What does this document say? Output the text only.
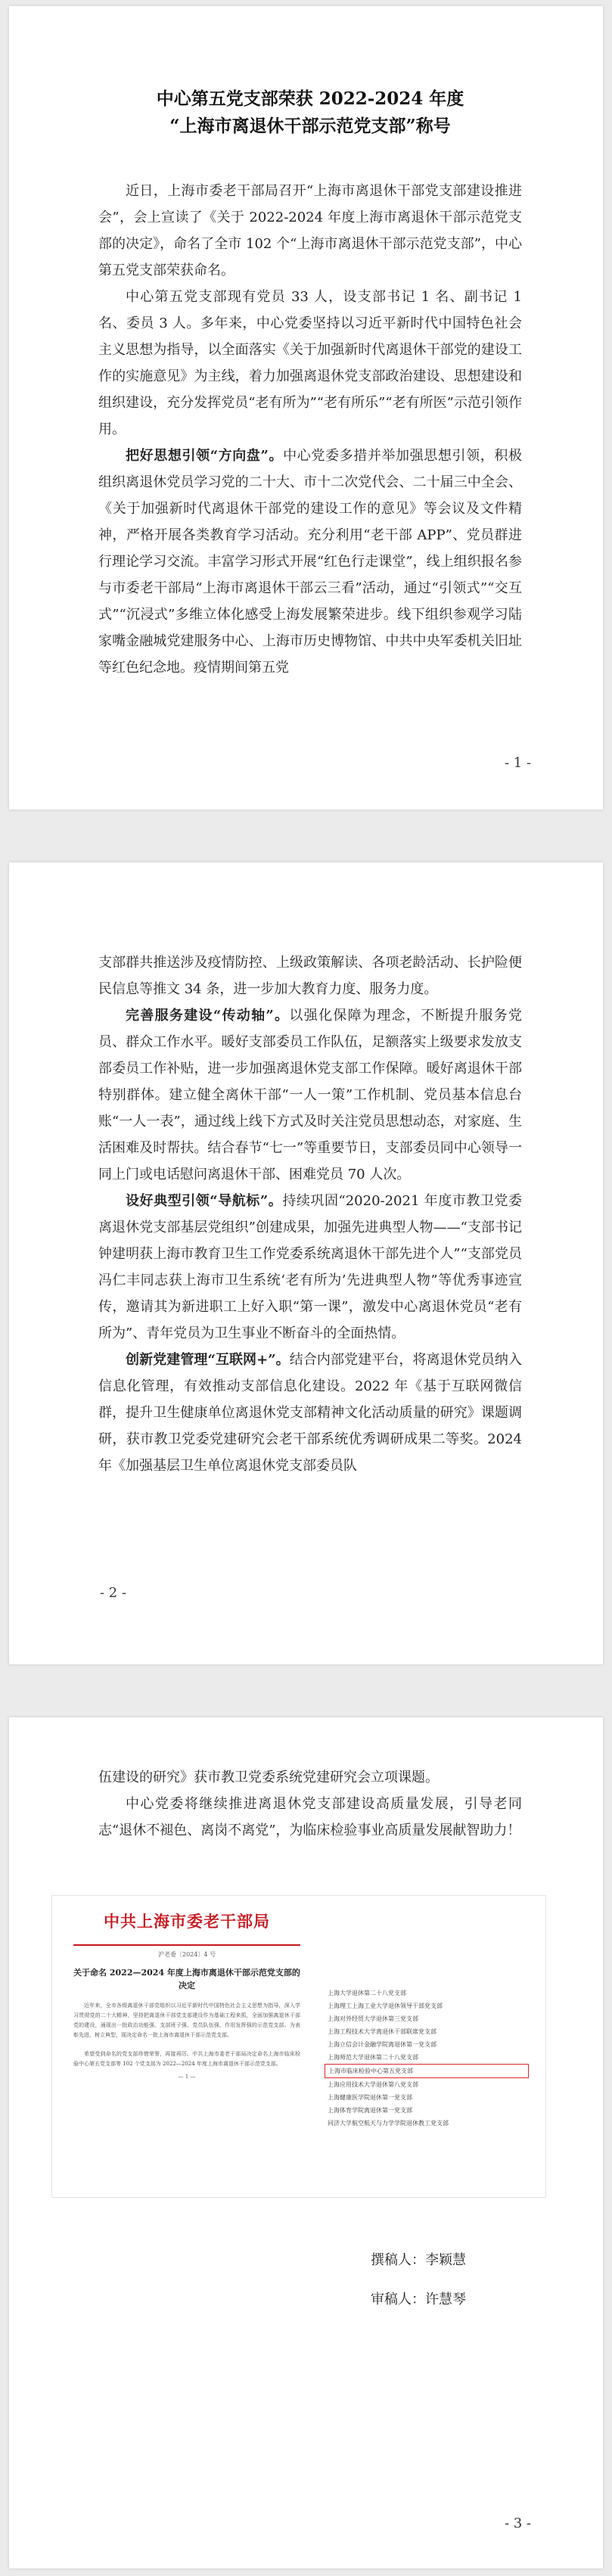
中心第五党支部荣获 2022-2024 年度
“上海市离退休干部示范党支部”称号
近日，上海市委老干部局召开“上海市离退休干部党支部建设推进会”，会上宣读了《关于 2022-2024 年度上海市离退休干部示范党支部的决定》，命名了全市 102 个“上海市离退休干部示范党支部”，中心第五党支部荣获命名。
中心第五党支部现有党员 33 人，设支部书记 1 名、副书记 1 名、委员 3 人。多年来，中心党委坚持以习近平新时代中国特色社会主义思想为指导，以全面落实《关于加强新时代离退休干部党的建设工作的实施意见》为主线，着力加强离退休党支部政治建设、思想建设和组织建设，充分发挥党员“老有所为”“老有所乐”“老有所医”示范引领作用。
把好思想引领“方向盘”。中心党委多措并举加强思想引领，积极组织离退休党员学习党的二十大、市十二次党代会、二十届三中全会、《关于加强新时代离退休干部党的建设工作的意见》等会议及文件精神，严格开展各类教育学习活动。充分利用“老干部 APP”、党员群进行理论学习交流。丰富学习形式开展“红色行走课堂”，线上组织报名参与市委老干部局“上海市离退休干部云三看”活动，通过“引领式”“交互式”“沉浸式”多维立体化感受上海发展繁荣进步。线下组织参观学习陆家嘴金融城党建服务中心、上海市历史博物馆、中共中央军委机关旧址等红色纪念地。疫情期间第五党
- 1 -
支部群共推送涉及疫情防控、上级政策解读、各项老龄活动、长护险便民信息等推文 34 条，进一步加大教育力度、服务力度。
完善服务建设“传动轴”。以强化保障为理念，不断提升服务党员、群众工作水平。暖好支部委员工作队伍，足额落实上级要求发放支部委员工作补贴，进一步加强离退休党支部工作保障。暖好离退休干部特别群体。建立健全离休干部“一人一策”工作机制、党员基本信息台账“一人一表”，通过线上线下方式及时关注党员思想动态，对家庭、生活困难及时帮扶。结合春节“七一”等重要节日，支部委员同中心领导一同上门或电话慰问离退休干部、困难党员 70 人次。
设好典型引领“导航标”。持续巩固“2020-2021 年度市教卫党委离退休党支部基层党组织”创建成果，加强先进典型人物——“支部书记钟建明获上海市教育卫生工作党委系统离退休干部先进个人”“支部党员冯仁丰同志获上海市卫生系统‘老有所为’先进典型人物”等优秀事迹宣传，邀请其为新进职工上好入职“第一课”，激发中心离退休党员“老有所为”、青年党员为卫生事业不断奋斗的全面热情。
创新党建管理“互联网+”。结合内部党建平台，将离退休党员纳入信息化管理，有效推动支部信息化建设。2022 年《基于互联网微信群，提升卫生健康单位离退休党支部精神文化活动质量的研究》课题调研，获市教卫党委党建研究会老干部系统优秀调研成果二等奖。2024 年《加强基层卫生单位离退休党支部委员队
- 2 -
伍建设的研究》获市教卫党委系统党建研究会立项课题。
中心党委将继续推进离退休党支部建设高质量发展，引导老同志“退休不褪色、离岗不离党”，为临床检验事业高质量发展献智助力！
中共上海市委老干部局
沪老委〔2024〕4 号
关于命名 2022—2024 年度上海市离退休干部示范党支部的决定
近年来，全市各级离退休干部党组织以习近平新时代中国特色社会主义思想为指导，深入学习贯彻党的二十大精神，坚持把离退休干部党支部建设作为基础工程来抓，全面加强离退休干部党的建设，涌现出一批政治功能强、支部班子强、党员队伍强、作用发挥强的示范党支部。为表彰先进、树立典型，现决定命名一批上海市离退休干部示范党支部。
希望受到命名的党支部珍惜荣誉，再接再厉。中共上海市委老干部局决定命名上海市临床检验中心第五党支部等 102 个党支部为 2022—2024 年度上海市离退休干部示范党支部。
— 1 —
上海大学退休第二十八党支部
上海理工上海工业大学退休领导干部党支部
上海对外经贸大学退休第三党支部
上海工程技术大学离退休干部联席党支部
上海立信会计金融学院离退休第一党支部
上海师范大学退休第二十八党支部
上海市临床检验中心第五党支部
上海应用技术大学退休第八党支部
上海健康医学院退休第一党支部
上海体育学院离退休第一党支部
同济大学航空航天与力学学院退休教工党支部
撰稿人：李颖慧
审稿人：许慧琴
- 3 -
